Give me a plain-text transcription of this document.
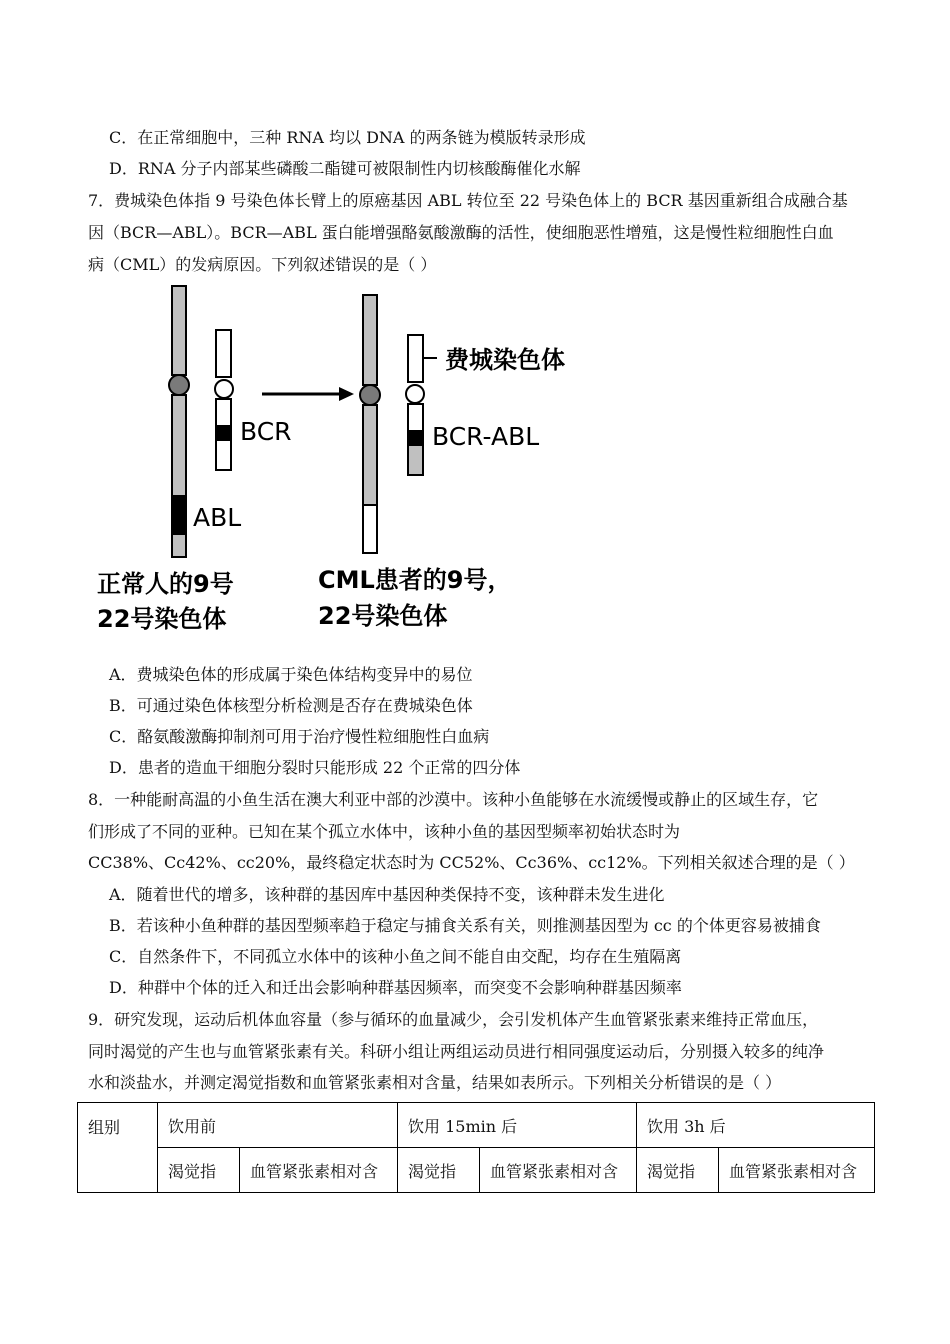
C．在正常细胞中，三种 RNA 均以 DNA 的两条链为模版转录形成
D．RNA 分子内部某些磷酸二酯键可被限制性内切核酸酶催化水解
7．费城染色体指 9 号染色体长臂上的原癌基因 ABL 转位至 22 号染色体上的 BCR 基因重新组合成融合基
因（BCR—ABL）。BCR—ABL 蛋白能增强酪氨酸激酶的活性，使细胞恶性增殖，这是慢性粒细胞性白血
病（CML）的发病原因。下列叙述错误的是（ ）
BCR
ABL
费城染色体
BCR-ABL
正常人的9号
22号染色体
CML患者的9号，
22号染色体
A．费城染色体的形成属于染色体结构变异中的易位
B．可通过染色体核型分析检测是否存在费城染色体
C．酪氨酸激酶抑制剂可用于治疗慢性粒细胞性白血病
D．患者的造血干细胞分裂时只能形成 22 个正常的四分体
8．一种能耐高温的小鱼生活在澳大利亚中部的沙漠中。该种小鱼能够在水流缓慢或静止的区域生存，它
们形成了不同的亚种。已知在某个孤立水体中，该种小鱼的基因型频率初始状态时为
CC38%、Cc42%、cc20%，最终稳定状态时为 CC52%、Cc36%、cc12%。下列相关叙述合理的是（ ）
A．随着世代的增多，该种群的基因库中基因种类保持不变，该种群未发生进化
B．若该种小鱼种群的基因型频率趋于稳定与捕食关系有关，则推测基因型为 cc 的个体更容易被捕食
C．自然条件下，不同孤立水体中的该种小鱼之间不能自由交配，均存在生殖隔离
D．种群中个体的迁入和迁出会影响种群基因频率，而突变不会影响种群基因频率
9．研究发现，运动后机体血容量（参与循环的血量减少，会引发机体产生血管紧张素来维持正常血压，
同时渴觉的产生也与血管紧张素有关。科研小组让两组运动员进行相同强度运动后，分别摄入较多的纯净
水和淡盐水，并测定渴觉指数和血管紧张素相对含量，结果如表所示。下列相关分析错误的是（ ）
组别	饮用前		饮用 15min 后		饮用 3h 后	
	渴觉指	血管紧张素相对含	渴觉指	血管紧张素相对含	渴觉指	血管紧张素相对含
